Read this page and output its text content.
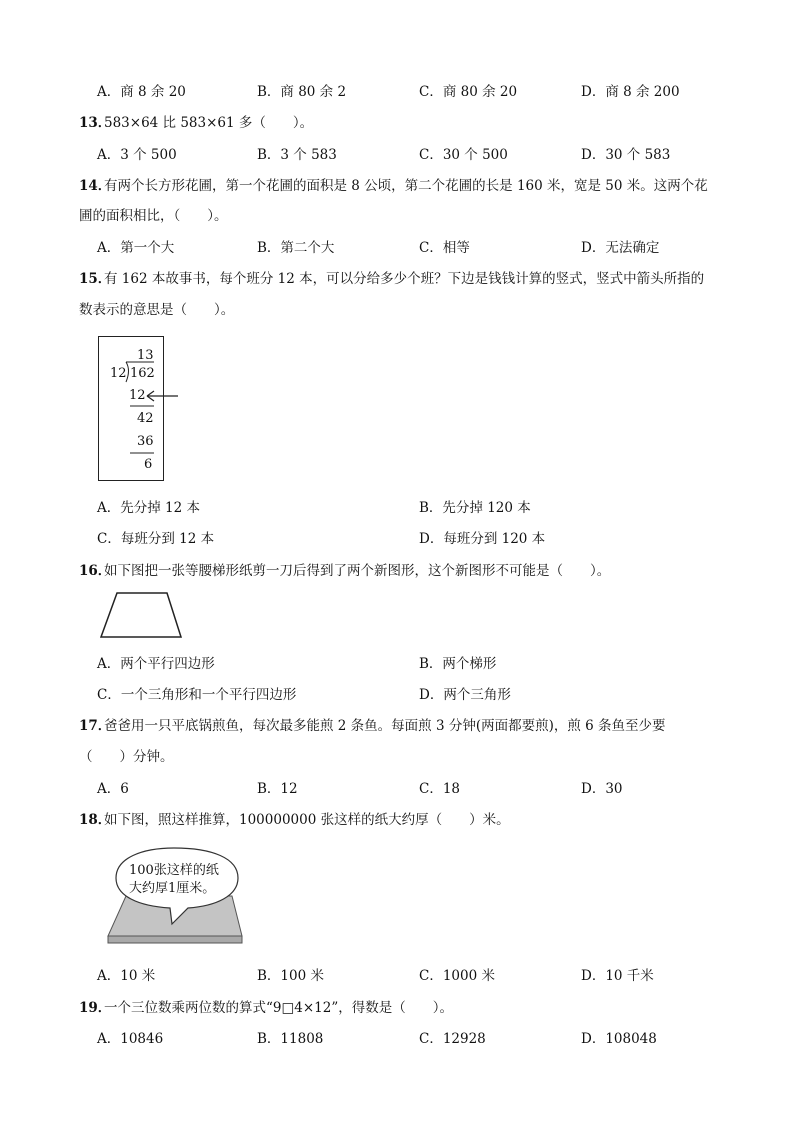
A．商 8 余 20	B．商 80 余 2	C．商 80 余 20	D．商 8 余 200
13．
583×64 比 583×61 多（　　）。
A．3 个 500	B．3 个 583	C．30 个 500	D．30 个 583
14．
有两个长方形花圃，第一个花圃的面积是 8 公顷，第二个花圃的长是 160 米，宽是 50 米。这两个花
圃的面积相比，（　　）。
A．第一个大	B．第二个大	C．相等	D．无法确定
15．
有 162 本故事书，每个班分 12 本，可以分给多少个班？下边是钱钱计算的竖式，竖式中箭头所指的
数表示的意思是（　　）。
13
12 162
12
42
36
6
A．先分掉 12 本	B．先分掉 120 本
C．每班分到 12 本	D．每班分到 120 本
16．
如下图把一张等腰梯形纸剪一刀后得到了两个新图形，这个新图形不可能是（　　）。
A．两个平行四边形	B．两个梯形
C．一个三角形和一个平行四边形	D．两个三角形
17．
爸爸用一只平底锅煎鱼，每次最多能煎 2 条鱼。每面煎 3 分钟(两面都要煎)，煎 6 条鱼至少要
（　　）分钟。
A．6	B．12	C．18	D．30
18．
如下图，照这样推算，100000000 张这样的纸大约厚（　　）米。
100张这样的纸
大约厚1厘米。
A．10 米	B．100 米	C．1000 米	D．10 千米
19．
一个三位数乘两位数的算式“9□4×12”，得数是（　　）。
A．10846	B．11808	C．12928	D．108048
